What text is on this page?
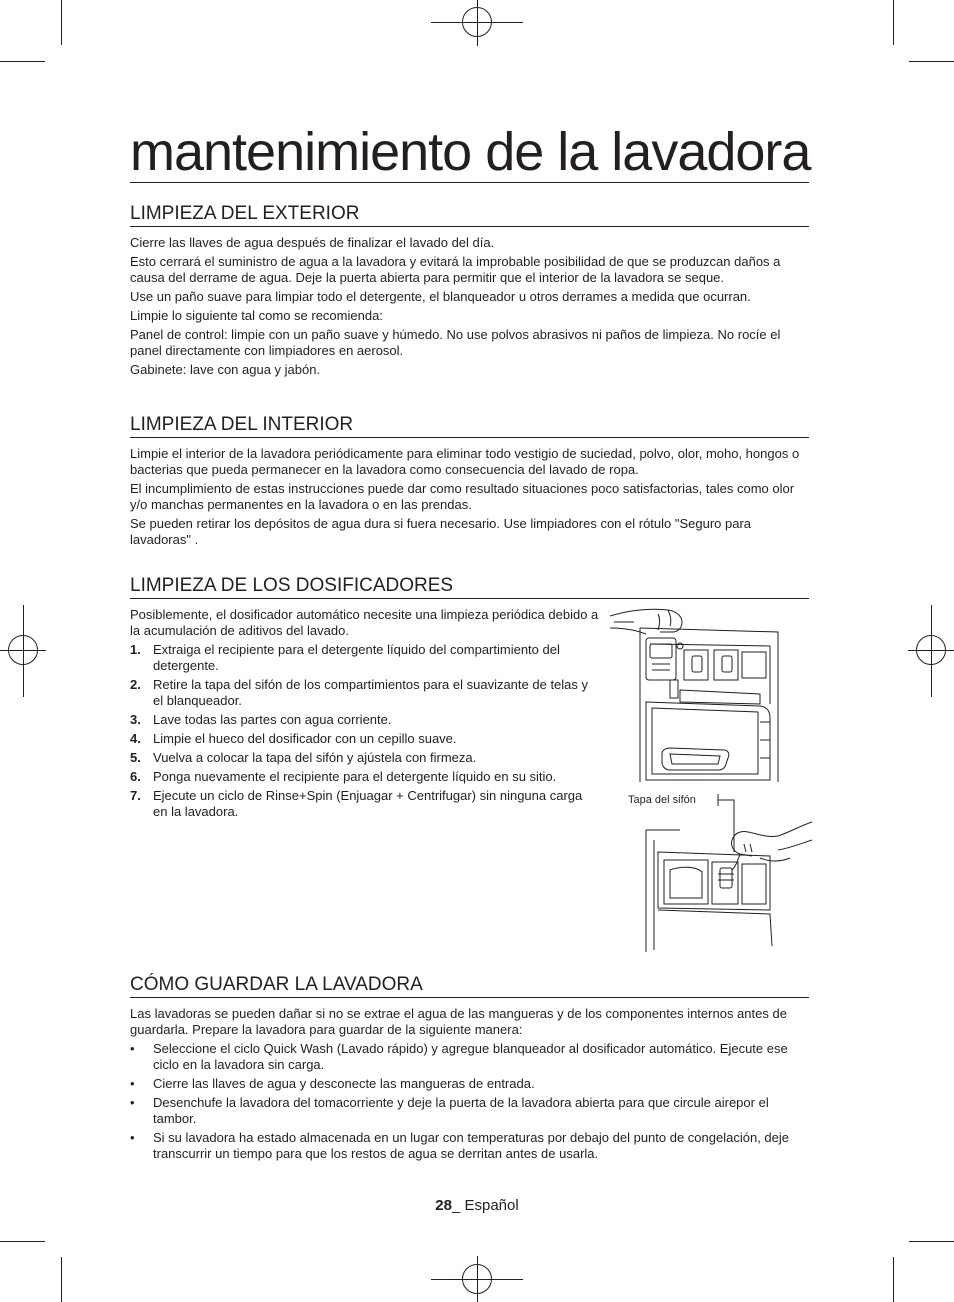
mantenimiento de la lavadora
LIMPIEZA DEL EXTERIOR

Cierre las llaves de agua después de finalizar el lavado del día.

Esto cerrará el suministro de agua a la lavadora y evitará la improbable posibilidad de que se produzcan daños a causa del derrame de agua. Deje la puerta abierta para permitir que el interior de la lavadora se seque.

Use un paño suave para limpiar todo el detergente, el blanqueador u otros derrames a medida que ocurran.

Limpie lo siguiente tal como se recomienda:

Panel de control: limpie con un paño suave y húmedo. No use polvos abrasivos ni paños de limpieza. No rocíe el panel directamente con limpiadores en aerosol.

Gabinete: lave con agua y jabón.

LIMPIEZA DEL INTERIOR

Limpie el interior de la lavadora periódicamente para eliminar todo vestigio de suciedad, polvo, olor, moho, hongos o bacterias que pueda permanecer en la lavadora como consecuencia del lavado de ropa.

El incumplimiento de estas instrucciones puede dar como resultado situaciones poco satisfactorias, tales como olor y/o manchas permanentes en la lavadora o en las prendas.

Se pueden retirar los depósitos de agua dura si fuera necesario. Use limpiadores con el rótulo "Seguro para lavadoras" .

LIMPIEZA DE LOS DOSIFICADORES

Posiblemente, el dosificador automático necesite una limpieza periódica debido a la acumulación de aditivos del lavado.

1. Extraiga el recipiente para el detergente líquido del compartimiento del detergente.
2. Retire la tapa del sifón de los compartimientos para el suavizante de telas y el blanqueador.
3. Lave todas las partes con agua corriente.
4. Limpie el hueco del dosificador con un cepillo suave.
5. Vuelva a colocar la tapa del sifón y ajústela con firmeza.
6. Ponga nuevamente el recipiente para el detergente líquido en su sitio.
7. Ejecute un ciclo de Rinse+Spin (Enjuagar + Centrifugar) sin ninguna carga en la lavadora.
Tapa del sifón
CÓMO GUARDAR LA LAVADORA

Las lavadoras se pueden dañar si no se extrae el agua de las mangueras y de los componentes internos antes de guardarla. Prepare la lavadora para guardar de la siguiente manera:

• Seleccione el ciclo Quick Wash (Lavado rápido) y agregue blanqueador al dosificador automático. Ejecute ese ciclo en la lavadora sin carga.
• Cierre las llaves de agua y desconecte las mangueras de entrada.
• Desenchufe la lavadora del tomacorriente y deje la puerta de la lavadora abierta para que circule airepor el tambor.
• Si su lavadora ha estado almacenada en un lugar con temperaturas por debajo del punto de congelación, deje transcurrir un tiempo para que los restos de agua se derritan antes de usarla.
28_ Español
